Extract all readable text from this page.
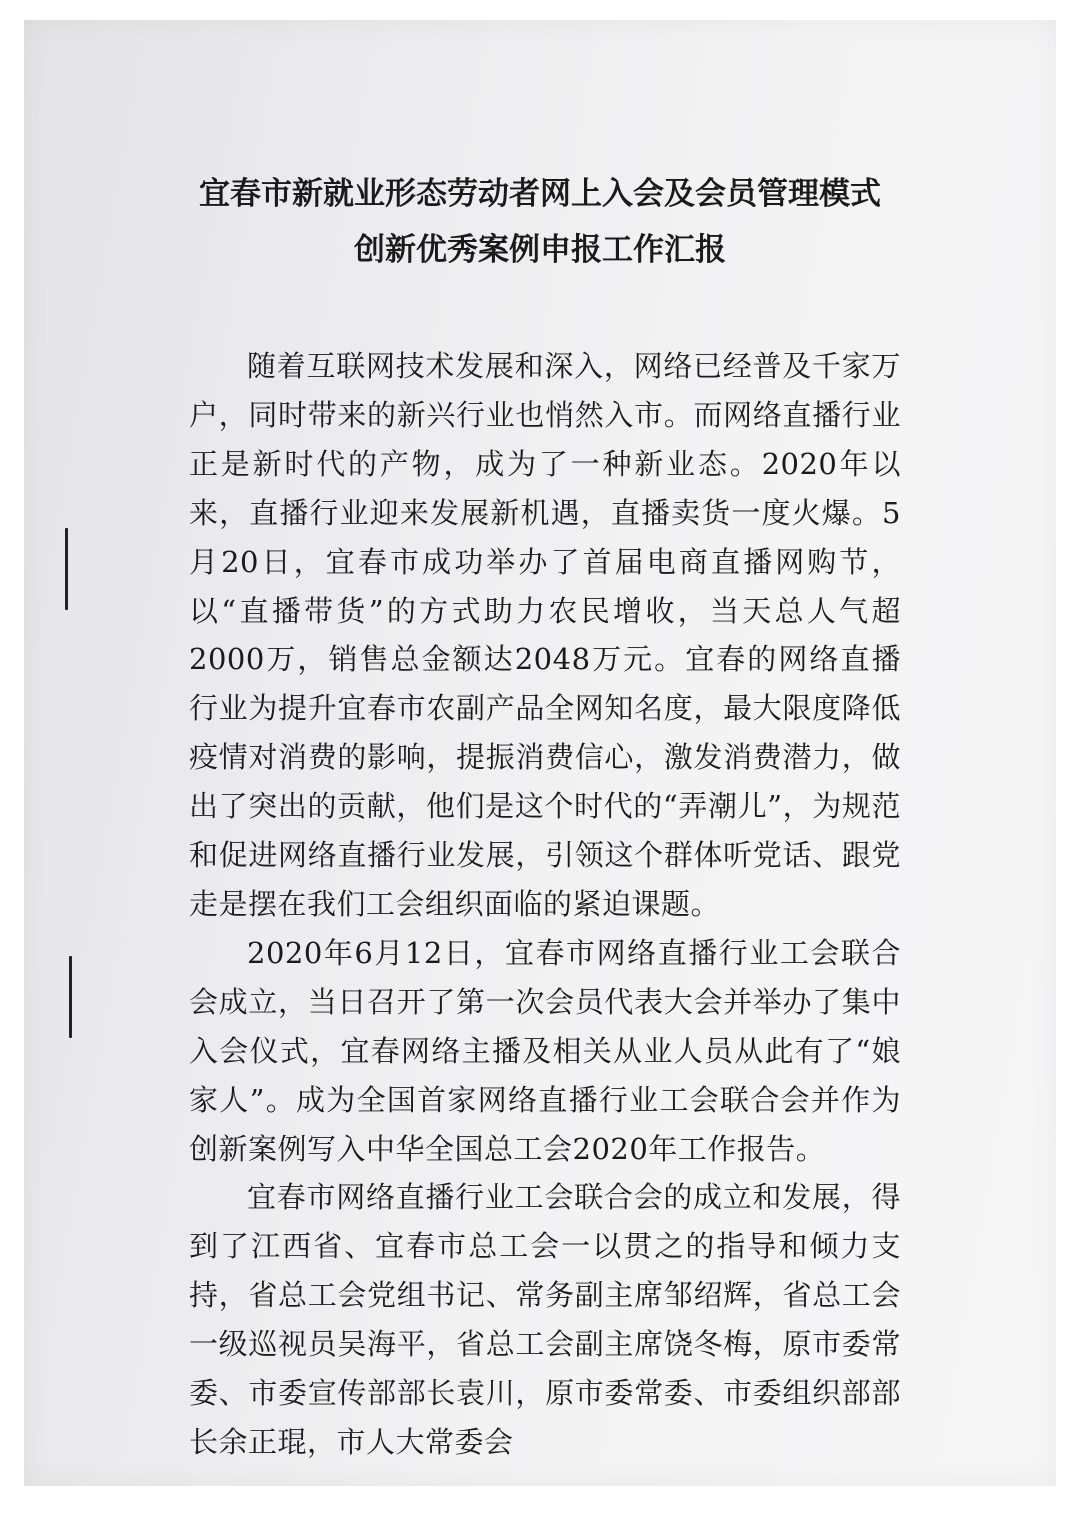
宜春市新就业形态劳动者网上入会及会员管理模式
创新优秀案例申报工作汇报

随着互联网技术发展和深入，网络已经普及千家万户，同时带来的新兴行业也悄然入市。而网络直播行业正是新时代的产物，成为了一种新业态。2020年以来，直播行业迎来发展新机遇，直播卖货一度火爆。5月20日，宜春市成功举办了首届电商直播网购节，以“直播带货”的方式助力农民增收，当天总人气超2000万，销售总金额达2048万元。宜春的网络直播行业为提升宜春市农副产品全网知名度，最大限度降低疫情对消费的影响，提振消费信心，激发消费潜力，做出了突出的贡献，他们是这个时代的“弄潮儿”，为规范和促进网络直播行业发展，引领这个群体听党话、跟党走是摆在我们工会组织面临的紧迫课题。

2020年6月12日，宜春市网络直播行业工会联合会成立，当日召开了第一次会员代表大会并举办了集中入会仪式，宜春网络主播及相关从业人员从此有了“娘家人”。成为全国首家网络直播行业工会联合会并作为创新案例写入中华全国总工会2020年工作报告。

宜春市网络直播行业工会联合会的成立和发展，得到了江西省、宜春市总工会一以贯之的指导和倾力支持，省总工会党组书记、常务副主席邹绍辉，省总工会一级巡视员吴海平，省总工会副主席饶冬梅，原市委常委、市委宣传部部长袁川，原市委常委、市委组织部部长余正琨，市人大常委会
